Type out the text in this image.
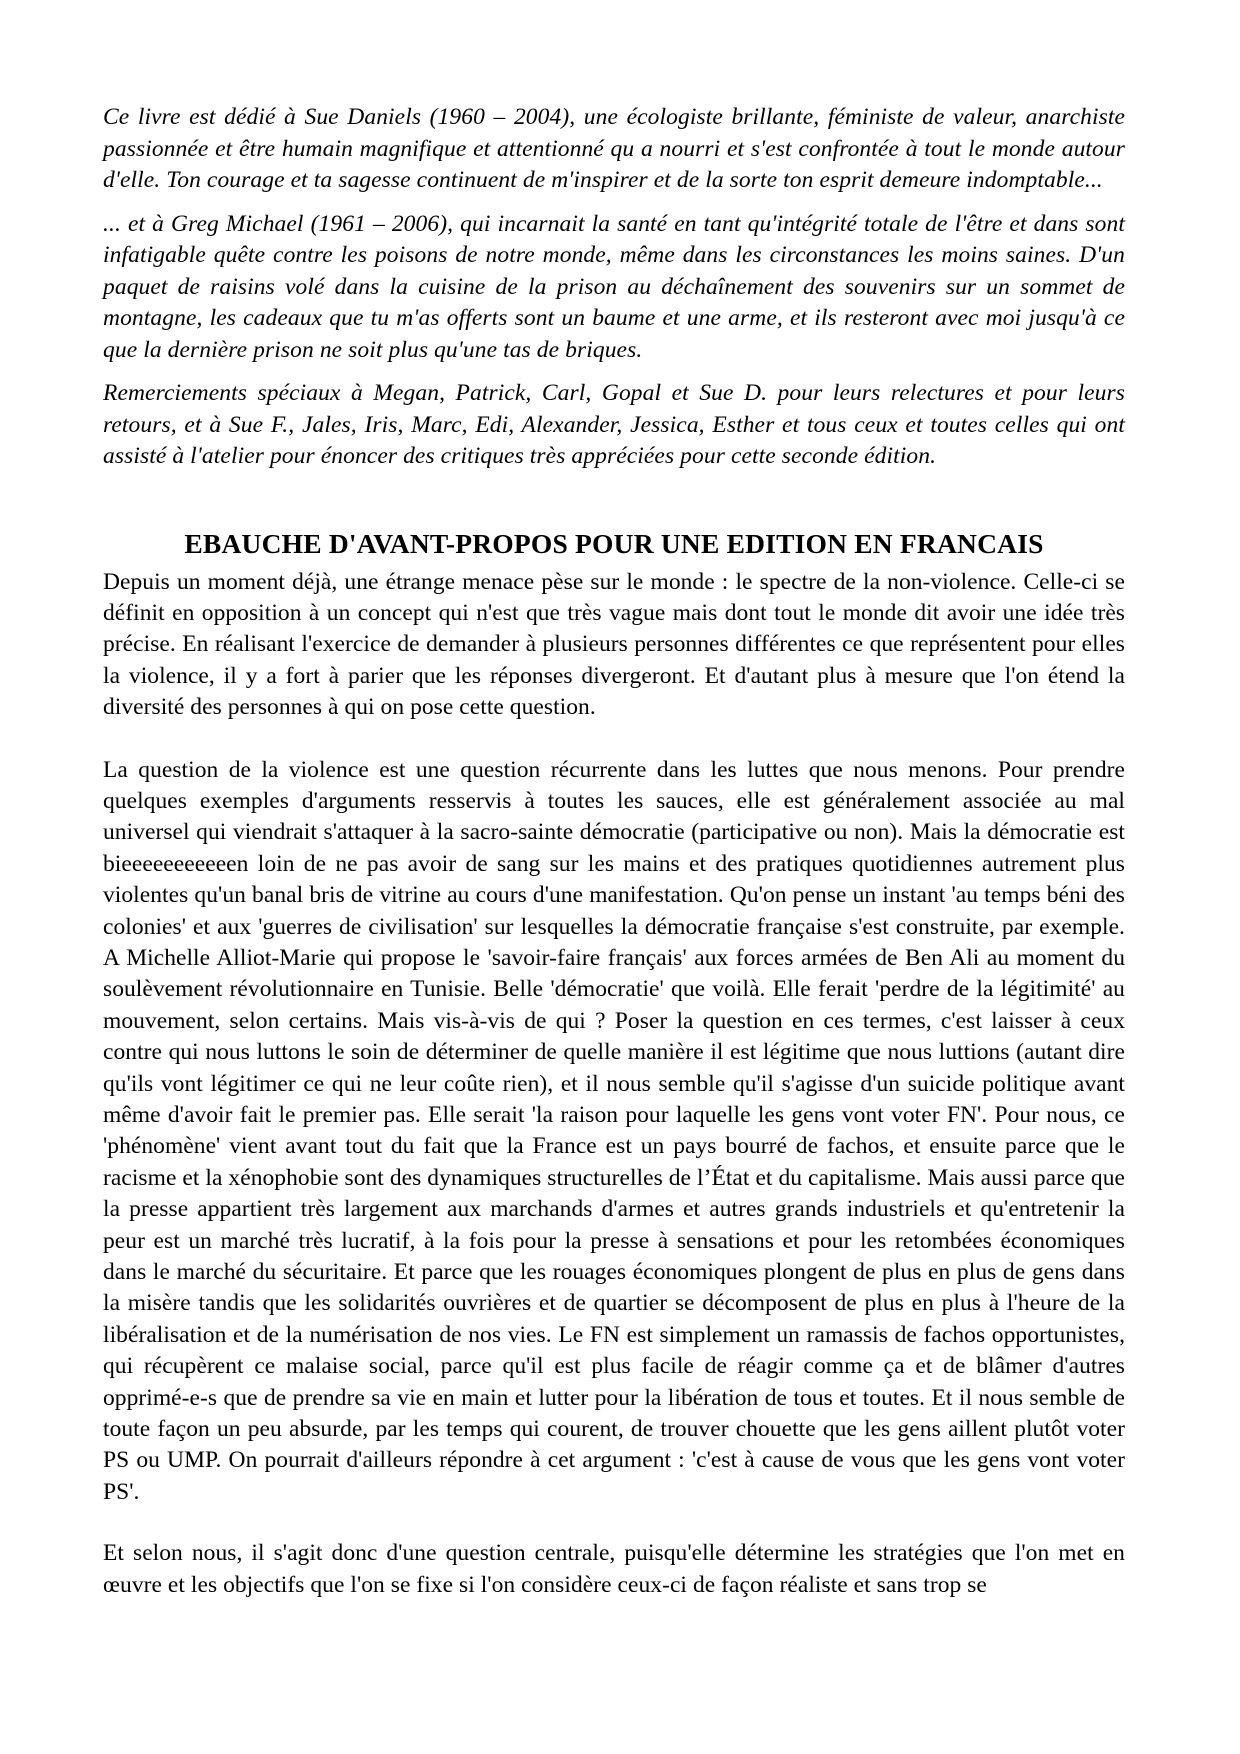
Ce livre est dédié à Sue Daniels (1960 – 2004), une écologiste brillante, féministe de valeur, anarchiste passionnée et être humain magnifique et attentionné qu a nourri et s'est confrontée à tout le monde autour d'elle. Ton courage et ta sagesse continuent de m'inspirer et de la sorte ton esprit demeure indomptable...

... et à Greg Michael (1961 – 2006), qui incarnait la santé en tant qu'intégrité totale de l'être et dans sont infatigable quête contre les poisons de notre monde, même dans les circonstances les moins saines. D'un paquet de raisins volé dans la cuisine de la prison au déchaînement des souvenirs sur un sommet de montagne, les cadeaux que tu m'as offerts sont un baume et une arme, et ils resteront avec moi jusqu'à ce que la dernière prison ne soit plus qu'une tas de briques.

Remerciements spéciaux à Megan, Patrick, Carl, Gopal et Sue D. pour leurs relectures et pour leurs retours, et à Sue F., Jales, Iris, Marc, Edi, Alexander, Jessica, Esther et tous ceux et toutes celles qui ont assisté à l'atelier pour énoncer des critiques très appréciées pour cette seconde édition.

EBAUCHE D'AVANT-PROPOS POUR UNE EDITION EN FRANCAIS

Depuis un moment déjà, une étrange menace pèse sur le monde : le spectre de la non-violence. Celle-ci se définit en opposition à un concept qui n'est que très vague mais dont tout le monde dit avoir une idée très précise. En réalisant l'exercice de demander à plusieurs personnes différentes ce que représentent pour elles la violence, il y a fort à parier que les réponses divergeront. Et d'autant plus à mesure que l'on étend la diversité des personnes à qui on pose cette question.

La question de la violence est une question récurrente dans les luttes que nous menons. Pour prendre quelques exemples d'arguments resservis à toutes les sauces, elle est généralement associée au mal universel qui viendrait s'attaquer à la sacro-sainte démocratie (participative ou non). Mais la démocratie est bieeeeeeeeeeen loin de ne pas avoir de sang sur les mains et des pratiques quotidiennes autrement plus violentes qu'un banal bris de vitrine au cours d'une manifestation. Qu'on pense un instant 'au temps béni des colonies' et aux 'guerres de civilisation' sur lesquelles la démocratie française s'est construite, par exemple. A Michelle Alliot-Marie qui propose le 'savoir-faire français' aux forces armées de Ben Ali au moment du soulèvement révolutionnaire en Tunisie. Belle 'démocratie' que voilà. Elle ferait 'perdre de la légitimité' au mouvement, selon certains. Mais vis-à-vis de qui ? Poser la question en ces termes, c'est laisser à ceux contre qui nous luttons le soin de déterminer de quelle manière il est légitime que nous luttions (autant dire qu'ils vont légitimer ce qui ne leur coûte rien), et il nous semble qu'il s'agisse d'un suicide politique avant même d'avoir fait le premier pas. Elle serait 'la raison pour laquelle les gens vont voter FN'. Pour nous, ce 'phénomène' vient avant tout du fait que la France est un pays bourré de fachos, et ensuite parce que le racisme et la xénophobie sont des dynamiques structurelles de l’État et du capitalisme. Mais aussi parce que la presse appartient très largement aux marchands d'armes et autres grands industriels et qu'entretenir la peur est un marché très lucratif, à la fois pour la presse à sensations et pour les retombées économiques dans le marché du sécuritaire. Et parce que les rouages économiques plongent de plus en plus de gens dans la misère tandis que les solidarités ouvrières et de quartier se décomposent de plus en plus à l'heure de la libéralisation et de la numérisation de nos vies. Le FN est simplement un ramassis de fachos opportunistes, qui récupèrent ce malaise social, parce qu'il est plus facile de réagir comme ça et de blâmer d'autres opprimé-e-s que de prendre sa vie en main et lutter pour la libération de tous et toutes. Et il nous semble de toute façon un peu absurde, par les temps qui courent, de trouver chouette que les gens aillent plutôt voter PS ou UMP. On pourrait d'ailleurs répondre à cet argument : 'c'est à cause de vous que les gens vont voter PS'.

Et selon nous, il s'agit donc d'une question centrale, puisqu'elle détermine les stratégies que l'on met en œuvre et les objectifs que l'on se fixe si l'on considère ceux-ci de façon réaliste et sans trop se
